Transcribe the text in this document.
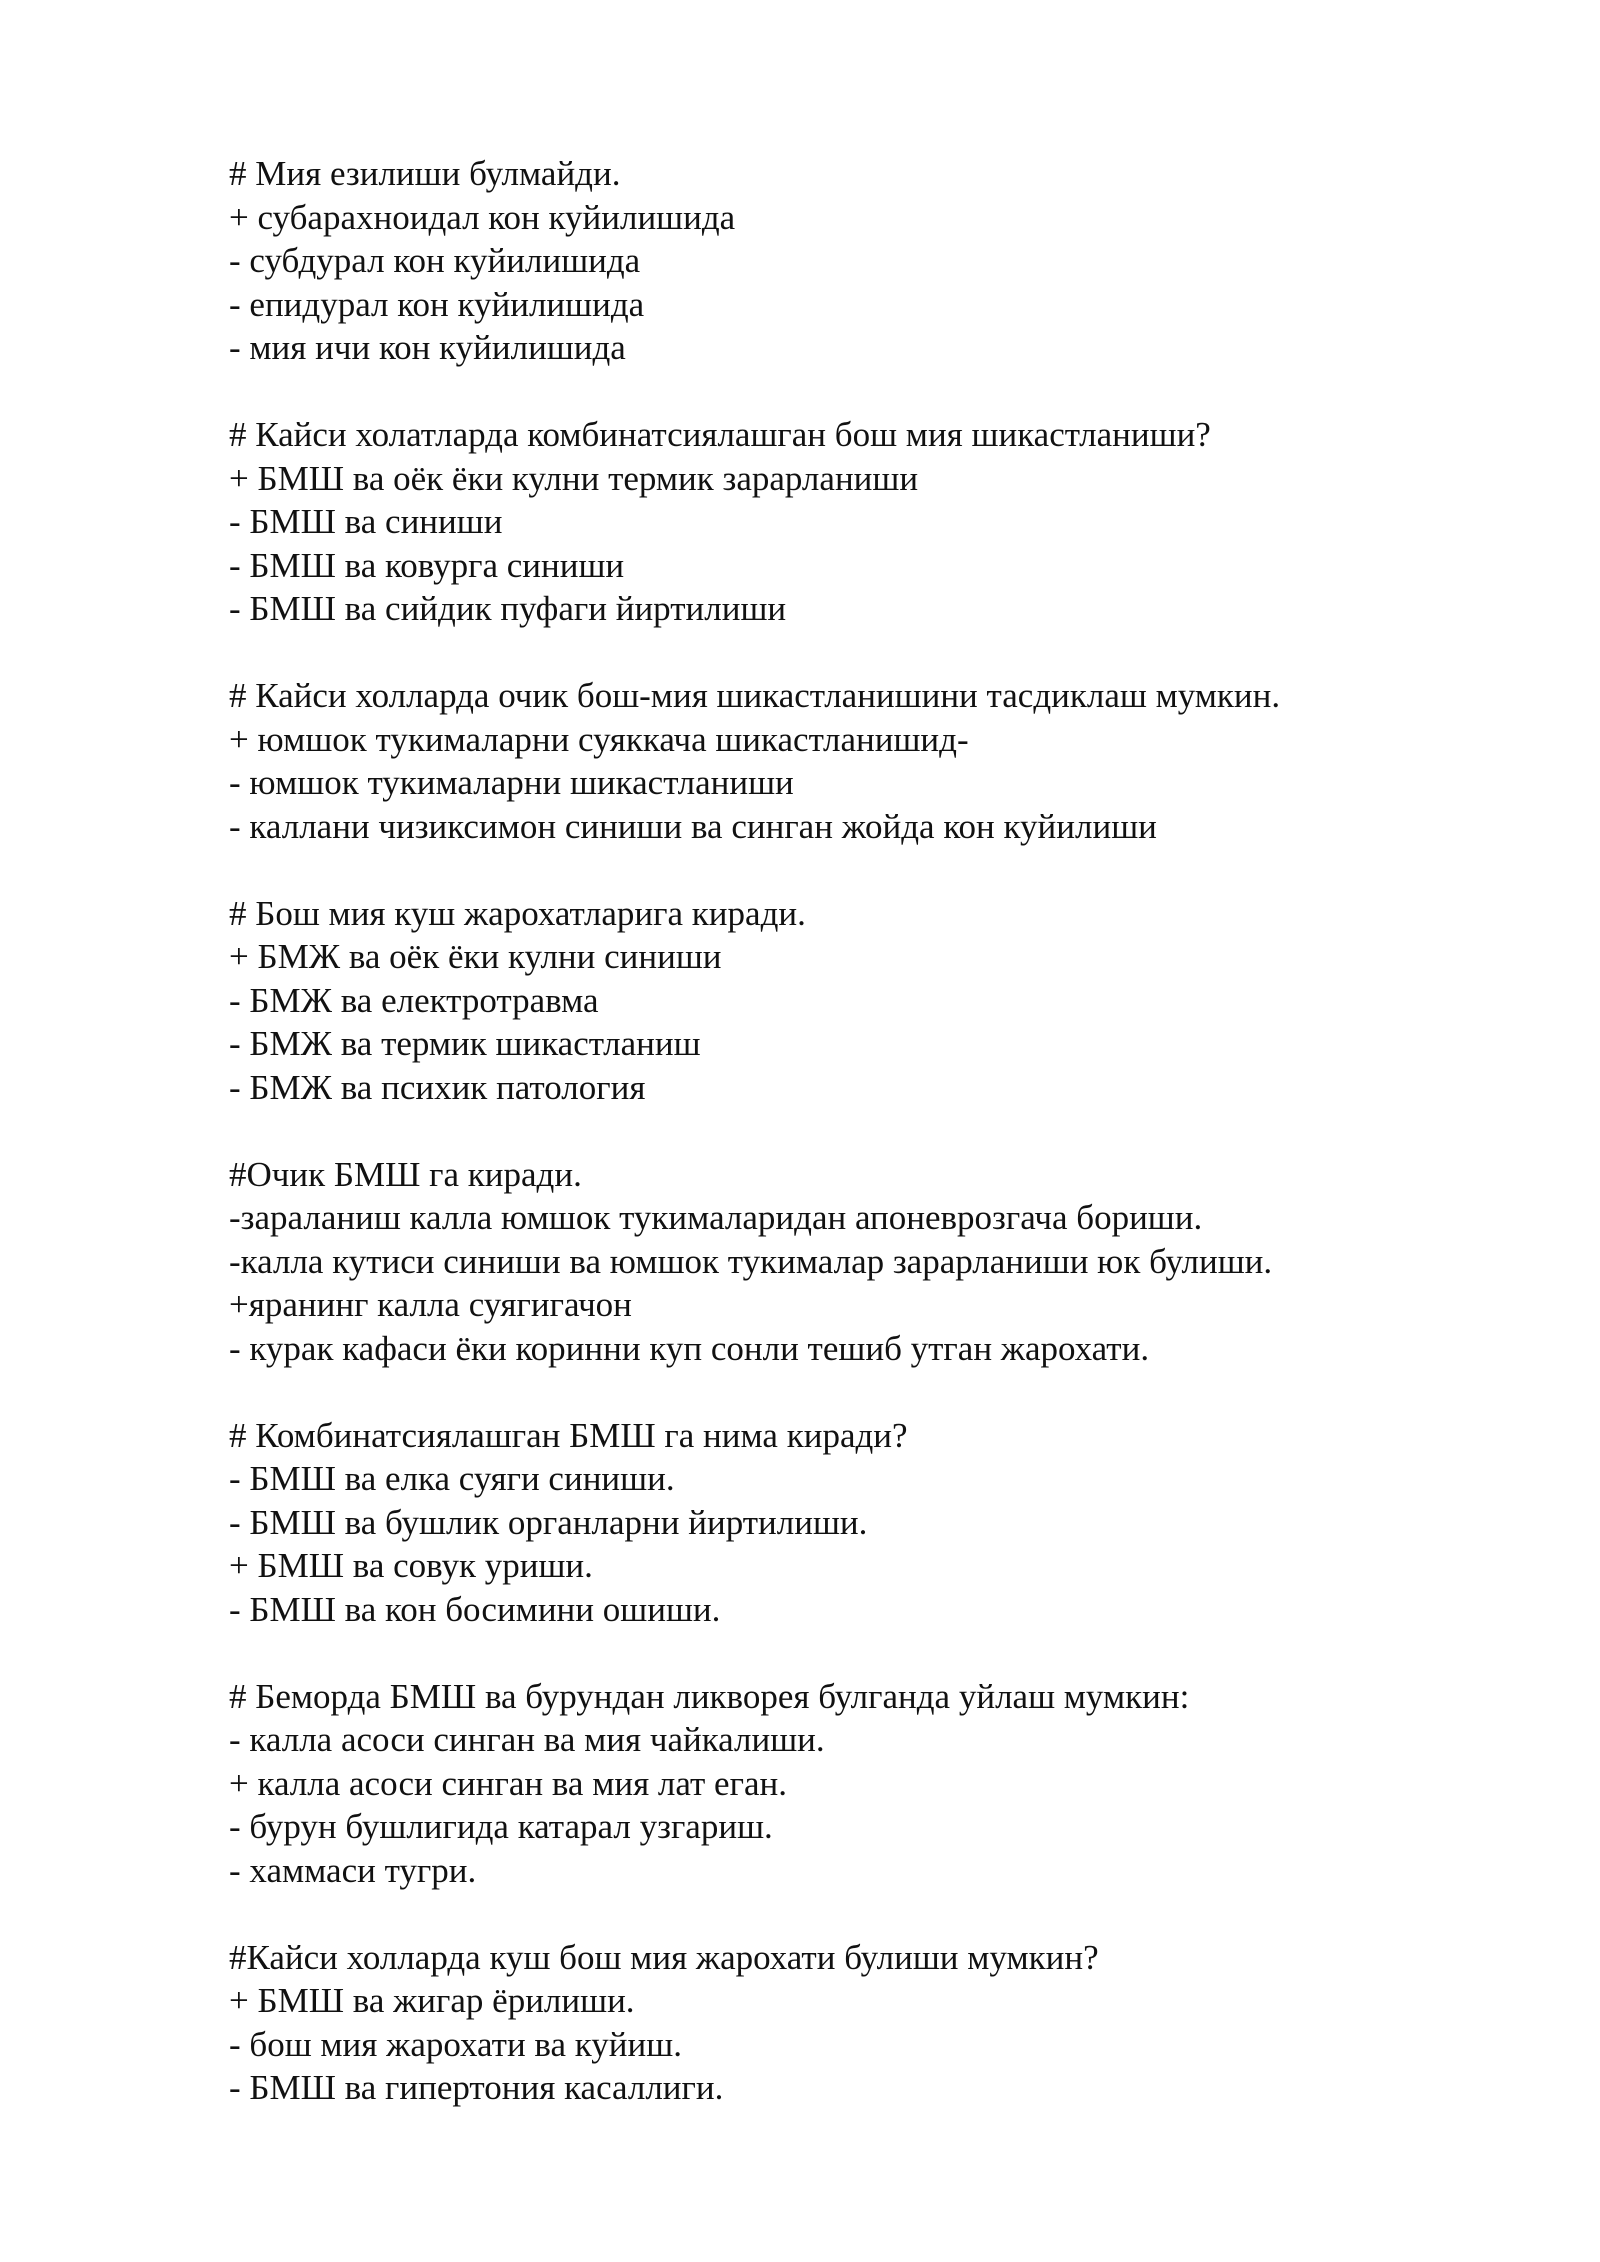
# Мия езилиши булмайди.
+ субарахноидал кон куйилишида
- субдурал кон куйилишида
- епидурал кон куйилишида
- мия ичи кон куйилишида
# Кайси холатларда комбинатсиялашган бош мия шикастланиши?
+ БМШ ва оёк ёки кулни термик зарарланиши
- БМШ ва синиши
- БМШ ва ковурга синиши
- БМШ ва сийдик пуфаги йиртилиши
# Кайси холларда очик бош-мия шикастланишини тасдиклаш мумкин.
+ юмшок тукималарни суяккача шикастланишид-
- юмшок тукималарни шикастланиши
- каллани чизиксимон синиши ва синган жойда кон куйилиши
# Бош мия куш жарохатларига киради.
+ БМЖ ва оёк ёки кулни синиши
- БМЖ ва електротравма
- БМЖ ва термик шикастланиш
- БМЖ ва психик патология
#Очик БМШ га киради.
-зараланиш калла юмшок тукималаридан апоневрозгача бориши.
-калла кутиси синиши ва юмшок тукималар зарарланиши юк булиши.
+яранинг калла суягигачон
- курак кафаси ёки коринни куп сонли тешиб утган жарохати.
# Комбинатсиялашган БМШ га нима киради?
- БМШ ва елка суяги синиши.
- БМШ ва бушлик органларни йиртилиши.
+ БМШ ва совук уриши.
- БМШ ва кон босимини ошиши.
# Беморда БМШ ва бурундан ликворея булганда уйлаш мумкин:
- калла асоси синган ва мия чайкалиши.
+ калла асоси синган ва мия лат еган.
- бурун бушлигида катарал узгариш.
- хаммаси тугри.
#Кайси холларда куш бош мия жарохати булиши мумкин?
+ БМШ ва жигар ёрилиши.
- бош мия жарохати ва куйиш.
- БМШ ва гипертония касаллиги.
